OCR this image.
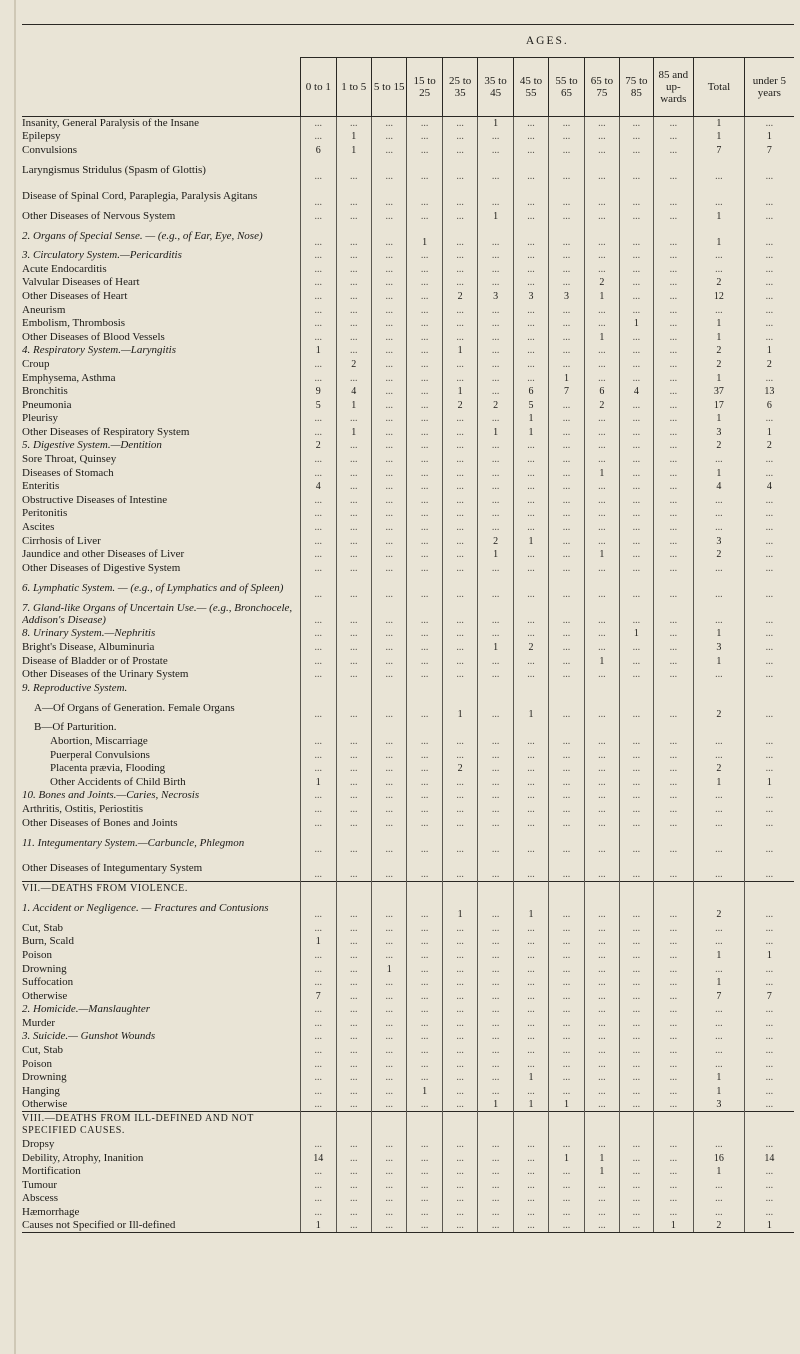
	AGES.												
	0 to 1	1 to 5	5 to 15	15 to 25	25 to 35	35 to 45	45 to 55	55 to 65	65 to 75	75 to 85	85 and up-wards	Total	under 5 years
Insanity, General Paralysis of the Insane	...	...	...	...	...	1	...	...	...	...	...	1	...
Epilepsy	...	1	...	...	...	...	...	...	...	...	...	1	1
Convulsions	6	1	...	...	...	...	...	...	...	...	...	7	7
Laryngismus Stridulus (Spasm of Glottis)	...	...	...	...	...	...	...	...	...	...	...	...	...
Disease of Spinal Cord, Paraplegia, Paralysis Agitans	...	...	...	...	...	...	...	...	...	...	...	...	...
Other Diseases of Nervous System	...	...	...	...	...	1	...	...	...	...	...	1	...
2. Organs of Special Sense. — (e.g., of Ear, Eye, Nose)	...	...	...	1	...	...	...	...	...	...	...	1	...
3. Circulatory System.—Pericarditis	...	...	...	...	...	...	...	...	...	...	...	...	...
Acute Endocarditis	...	...	...	...	...	...	...	...	...	...	...	...	...
Valvular Diseases of Heart	...	...	...	...	...	...	...	...	2	...	...	2	...
Other Diseases of Heart	...	...	...	...	2	3	3	3	1	...	...	12	...
Aneurism	...	...	...	...	...	...	...	...	...	...	...	...	...
Embolism, Thrombosis	...	...	...	...	...	...	...	...	...	1	...	1	...
Other Diseases of Blood Vessels	...	...	...	...	...	...	...	...	1	...	...	1	...
4. Respiratory System.—Laryngitis	1	...	...	...	1	...	...	...	...	...	...	2	1
Croup	...	2	...	...	...	...	...	...	...	...	...	2	2
Emphysema, Asthma	...	...	...	...	...	...	...	1	...	...	...	1	...
Bronchitis	9	4	...	...	1	...	6	7	6	4	...	37	13
Pneumonia	5	1	...	...	2	2	5	...	2	...	...	17	6
Pleurisy	...	...	...	...	...	...	1	...	...	...	...	1	...
Other Diseases of Respiratory System	...	1	...	...	...	1	1	...	...	...	...	3	1
5. Digestive System.—Dentition	2	...	...	...	...	...	...	...	...	...	...	2	2
Sore Throat, Quinsey	...	...	...	...	...	...	...	...	...	...	...	...	...
Diseases of Stomach	...	...	...	...	...	...	...	...	1	...	...	1	...
Enteritis	4	...	...	...	...	...	...	...	...	...	...	4	4
Obstructive Diseases of Intestine	...	...	...	...	...	...	...	...	...	...	...	...	...
Peritonitis	...	...	...	...	...	...	...	...	...	...	...	...	...
Ascites	...	...	...	...	...	...	...	...	...	...	...	...	...
Cirrhosis of Liver	...	...	...	...	...	2	1	...	...	...	...	3	...
Jaundice and other Diseases of Liver	...	...	...	...	...	1	...	...	1	...	...	2	...
Other Diseases of Digestive System	...	...	...	...	...	...	...	...	...	...	...	...	...
6. Lymphatic System. — (e.g., of Lymphatics and of Spleen)	...	...	...	...	...	...	...	...	...	...	...	...	...
7. Gland-like Organs of Uncertain Use.— (e.g., Bronchocele, Addison's Disease)	...	...	...	...	...	...	...	...	...	...	...	...	...
8. Urinary System.—Nephritis	...	...	...	...	...	...	...	...	...	1	...	1	...
Bright's Disease, Albuminuria	...	...	...	...	...	1	2	...	...	...	...	3	...
Disease of Bladder or of Prostate	...	...	...	...	...	...	...	...	1	...	...	1	...
Other Diseases of the Urinary System	...	...	...	...	...	...	...	...	...	...	...	...	...
9. Reproductive System.													
A—Of Organs of Generation. Female Organs	...	...	...	...	1	...	1	...	...	...	...	2	...
B—Of Parturition.													
Abortion, Miscarriage	...	...	...	...	...	...	...	...	...	...	...	...	...
Puerperal Convulsions	...	...	...	...	...	...	...	...	...	...	...	...	...
Placenta prævia, Flooding	...	...	...	...	2	...	...	...	...	...	...	2	...
Other Accidents of Child Birth	1	...	...	...	...	...	...	...	...	...	...	1	1
10. Bones and Joints.—Caries, Necrosis	...	...	...	...	...	...	...	...	...	...	...	...	...
Arthritis, Ostitis, Periostitis	...	...	...	...	...	...	...	...	...	...	...	...	...
Other Diseases of Bones and Joints	...	...	...	...	...	...	...	...	...	...	...	...	...
11. Integumentary System.—Carbuncle, Phlegmon	...	...	...	...	...	...	...	...	...	...	...	...	...
Other Diseases of Integumentary System	...	...	...	...	...	...	...	...	...	...	...	...	...
VII.—DEATHS FROM VIOLENCE.													
1. Accident or Negligence. — Fractures and Contusions	...	...	...	...	1	...	1	...	...	...	...	2	...
Cut, Stab	...	...	...	...	...	...	...	...	...	...	...	...	...
Burn, Scald	1	...	...	...	...	...	...	...	...	...	...	...	...
Poison	...	...	...	...	...	...	...	...	...	...	...	1	1
Drowning	...	...	1	...	...	...	...	...	...	...	...	...	...
Suffocation	...	...	...	...	...	...	...	...	...	...	...	1	...
Otherwise	7	...	...	...	...	...	...	...	...	...	...	7	7
2. Homicide.—Manslaughter	...	...	...	...	...	...	...	...	...	...	...	...	...
Murder	...	...	...	...	...	...	...	...	...	...	...	...	...
3. Suicide.— Gunshot Wounds	...	...	...	...	...	...	...	...	...	...	...	...	...
Cut, Stab	...	...	...	...	...	...	...	...	...	...	...	...	...
Poison	...	...	...	...	...	...	...	...	...	...	...	...	...
Drowning	...	...	...	...	...	...	1	...	...	...	...	1	...
Hanging	...	...	...	1	...	...	...	...	...	...	...	1	...
Otherwise	...	...	...	...	...	1	1	1	...	...	...	3	...
VIII.—DEATHS FROM ILL-DEFINED AND NOT SPECIFIED CAUSES.													
Dropsy	...	...	...	...	...	...	...	...	...	...	...	...	...
Debility, Atrophy, Inanition	14	...	...	...	...	...	...	1	1	...	...	16	14
Mortification	...	...	...	...	...	...	...	...	1	...	...	1	...
Tumour	...	...	...	...	...	...	...	...	...	...	...	...	...
Abscess	...	...	...	...	...	...	...	...	...	...	...	...	...
Hæmorrhage	...	...	...	...	...	...	...	...	...	...	...	...	...
Causes not Specified or Ill-defined	1	...	...	...	...	...	...	...	...	...	1	2	1
